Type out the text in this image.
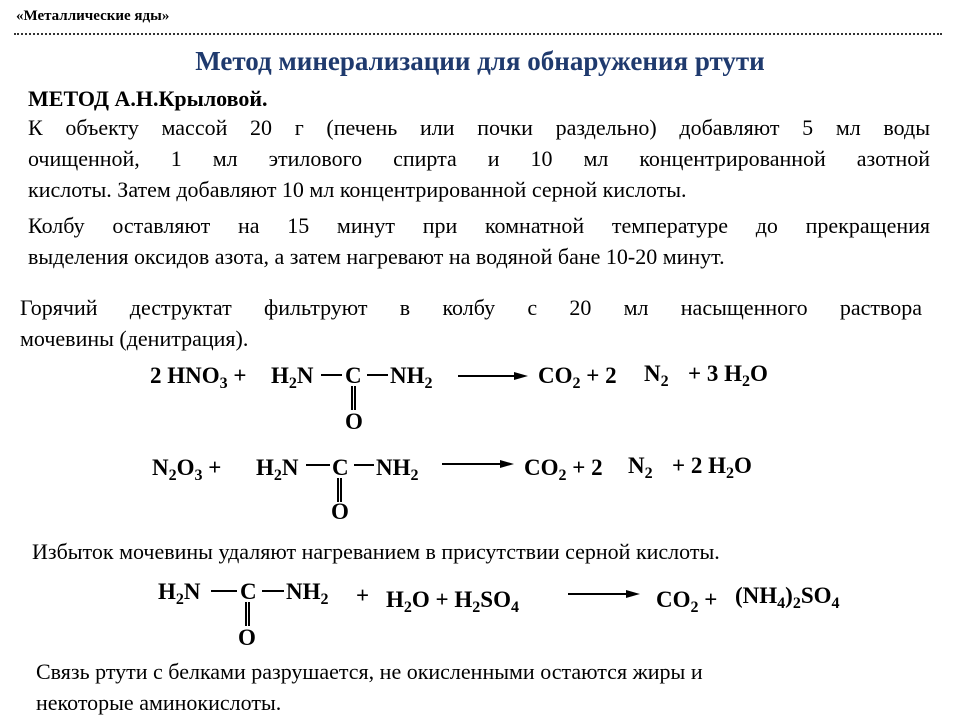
«Металлические яды»
Метод минерализации для обнаружения ртути
МЕТОД А.Н.Крыловой.
К объекту массой 20 г (печень или почки раздельно) добавляют 5 мл воды
очищенной, 1 мл этилового спирта и 10 мл концентрированной азотной
кислоты. Затем добавляют 10 мл концентрированной серной кислоты.
Колбу оставляют на 15 минут при комнатной температуре до прекращения
выделения оксидов азота, а затем нагревают на водяной бане 10-20 минут.
Горячий деструктат фильтруют в колбу с 20 мл насыщенного раствора
мочевины (денитрация).
2 $HNO_3 + H_2N$ C $NH_2$
O
$CO_2 + 2$ $N_2 + 3$ $H_2O$
$N_2O_3 + H_2N$ C $NH_2$
O
$CO_2 + 2$ $N_2 + 2$ $H_2O$
Избыток мочевины удаляют нагреванием в присутствии серной кислоты.
$H_2N$ C $NH_2$
O
+ $H_2O + H_2SO_4$	$CO_2 + (NH_4)_2SO_4$
Связь ртути с белками разрушается, не окисленными остаются жиры и
некоторые аминокислоты.
